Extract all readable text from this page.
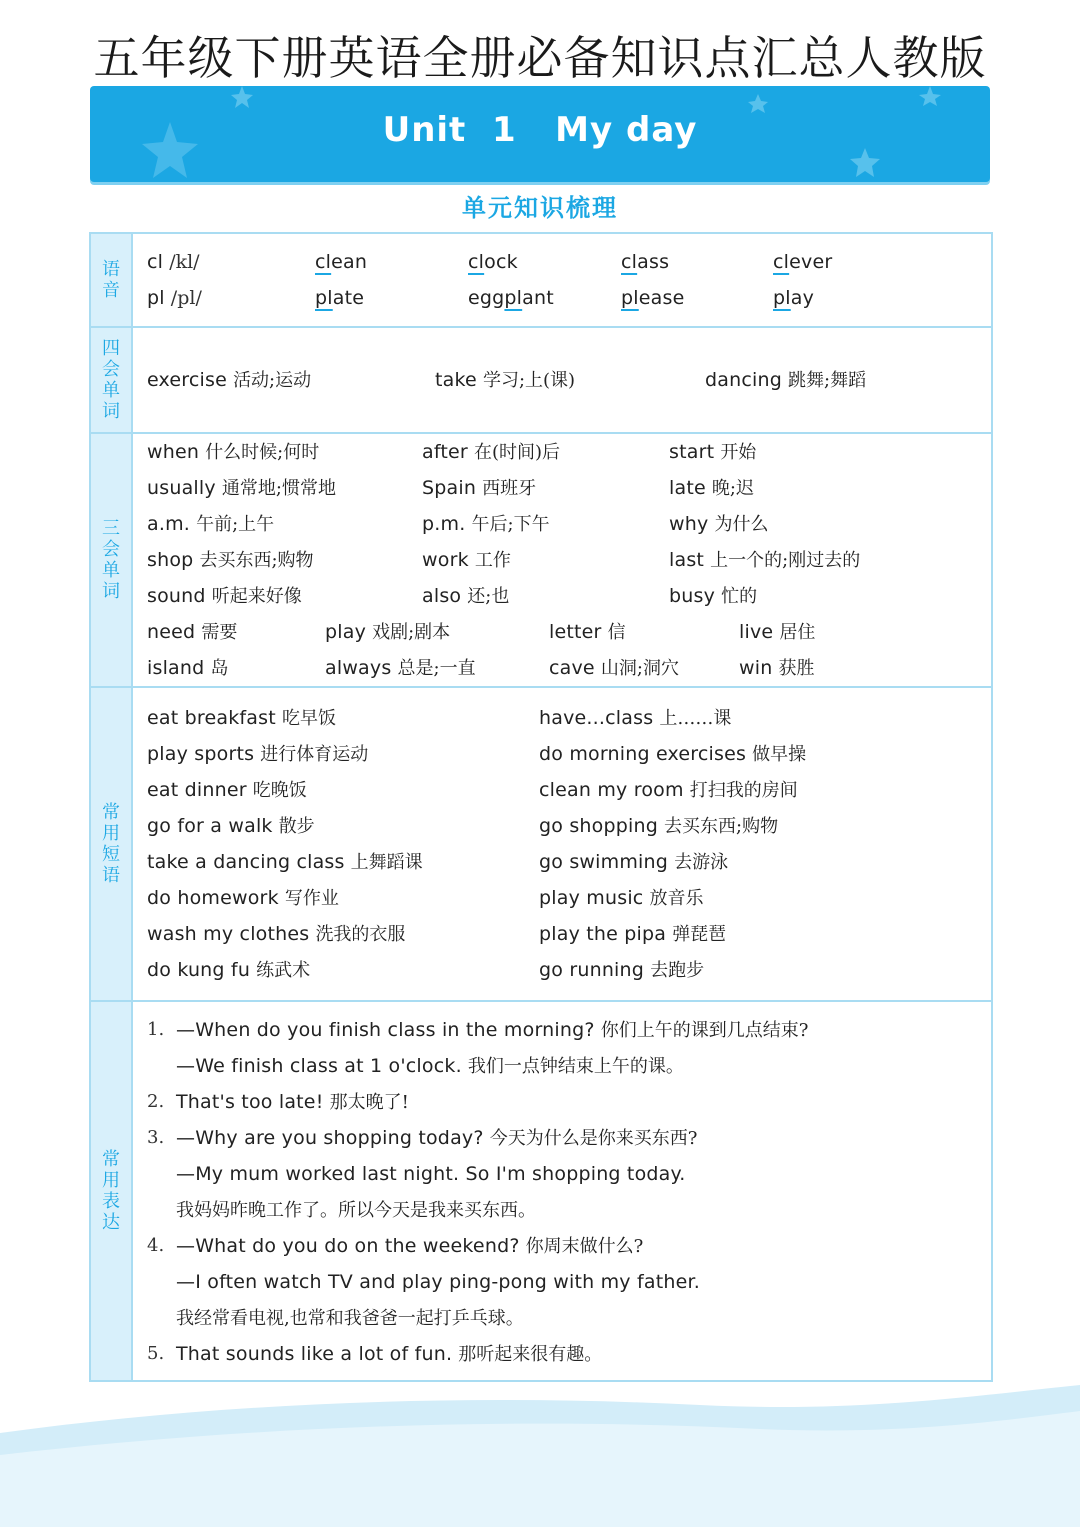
五年级下册英语全册必备知识点汇总人教版
Unit  1   My day
单元知识梳理
语音
cl /kl/	clean	clock	class	clever
pl /pl/	plate	eggplant	please	play
四会单词
exercise 活动;运动	take 学习;上(课)	dancing 跳舞;舞蹈
三会单词
when 什么时候;何时	after 在(时间)后	start 开始
usually 通常地;惯常地	Spain 西班牙	late 晚;迟
a.m. 午前;上午	p.m. 午后;下午	why 为什么
shop 去买东西;购物	work 工作	last 上一个的;刚过去的
sound 听起来好像	also 还;也	busy 忙的
need 需要	play 戏剧;剧本	letter 信	live 居住
island 岛	always 总是;一直	cave 山洞;洞穴	win 获胜
常用短语
eat breakfast 吃早饭	have...class 上……课
play sports 进行体育运动	do morning exercises 做早操
eat dinner 吃晚饭	clean my room 打扫我的房间
go for a walk 散步	go shopping 去买东西;购物
take a dancing class 上舞蹈课	go swimming 去游泳
do homework 写作业	play music 放音乐
wash my clothes 洗我的衣服	play the pipa 弹琵琶
do kung fu 练武术	go running 去跑步
常用表达
1. —When do you finish class in the morning? 你们上午的课到几点结束?
—We finish class at 1 o'clock. 我们一点钟结束上午的课。
2. That's too late! 那太晚了!
3. —Why are you shopping today? 今天为什么是你来买东西?
—My mum worked last night. So I'm shopping today.
我妈妈昨晚工作了。所以今天是我来买东西。
4. —What do you do on the weekend? 你周末做什么?
—I often watch TV and play ping-pong with my father.
我经常看电视,也常和我爸爸一起打乒乓球。
5. That sounds like a lot of fun. 那听起来很有趣。
